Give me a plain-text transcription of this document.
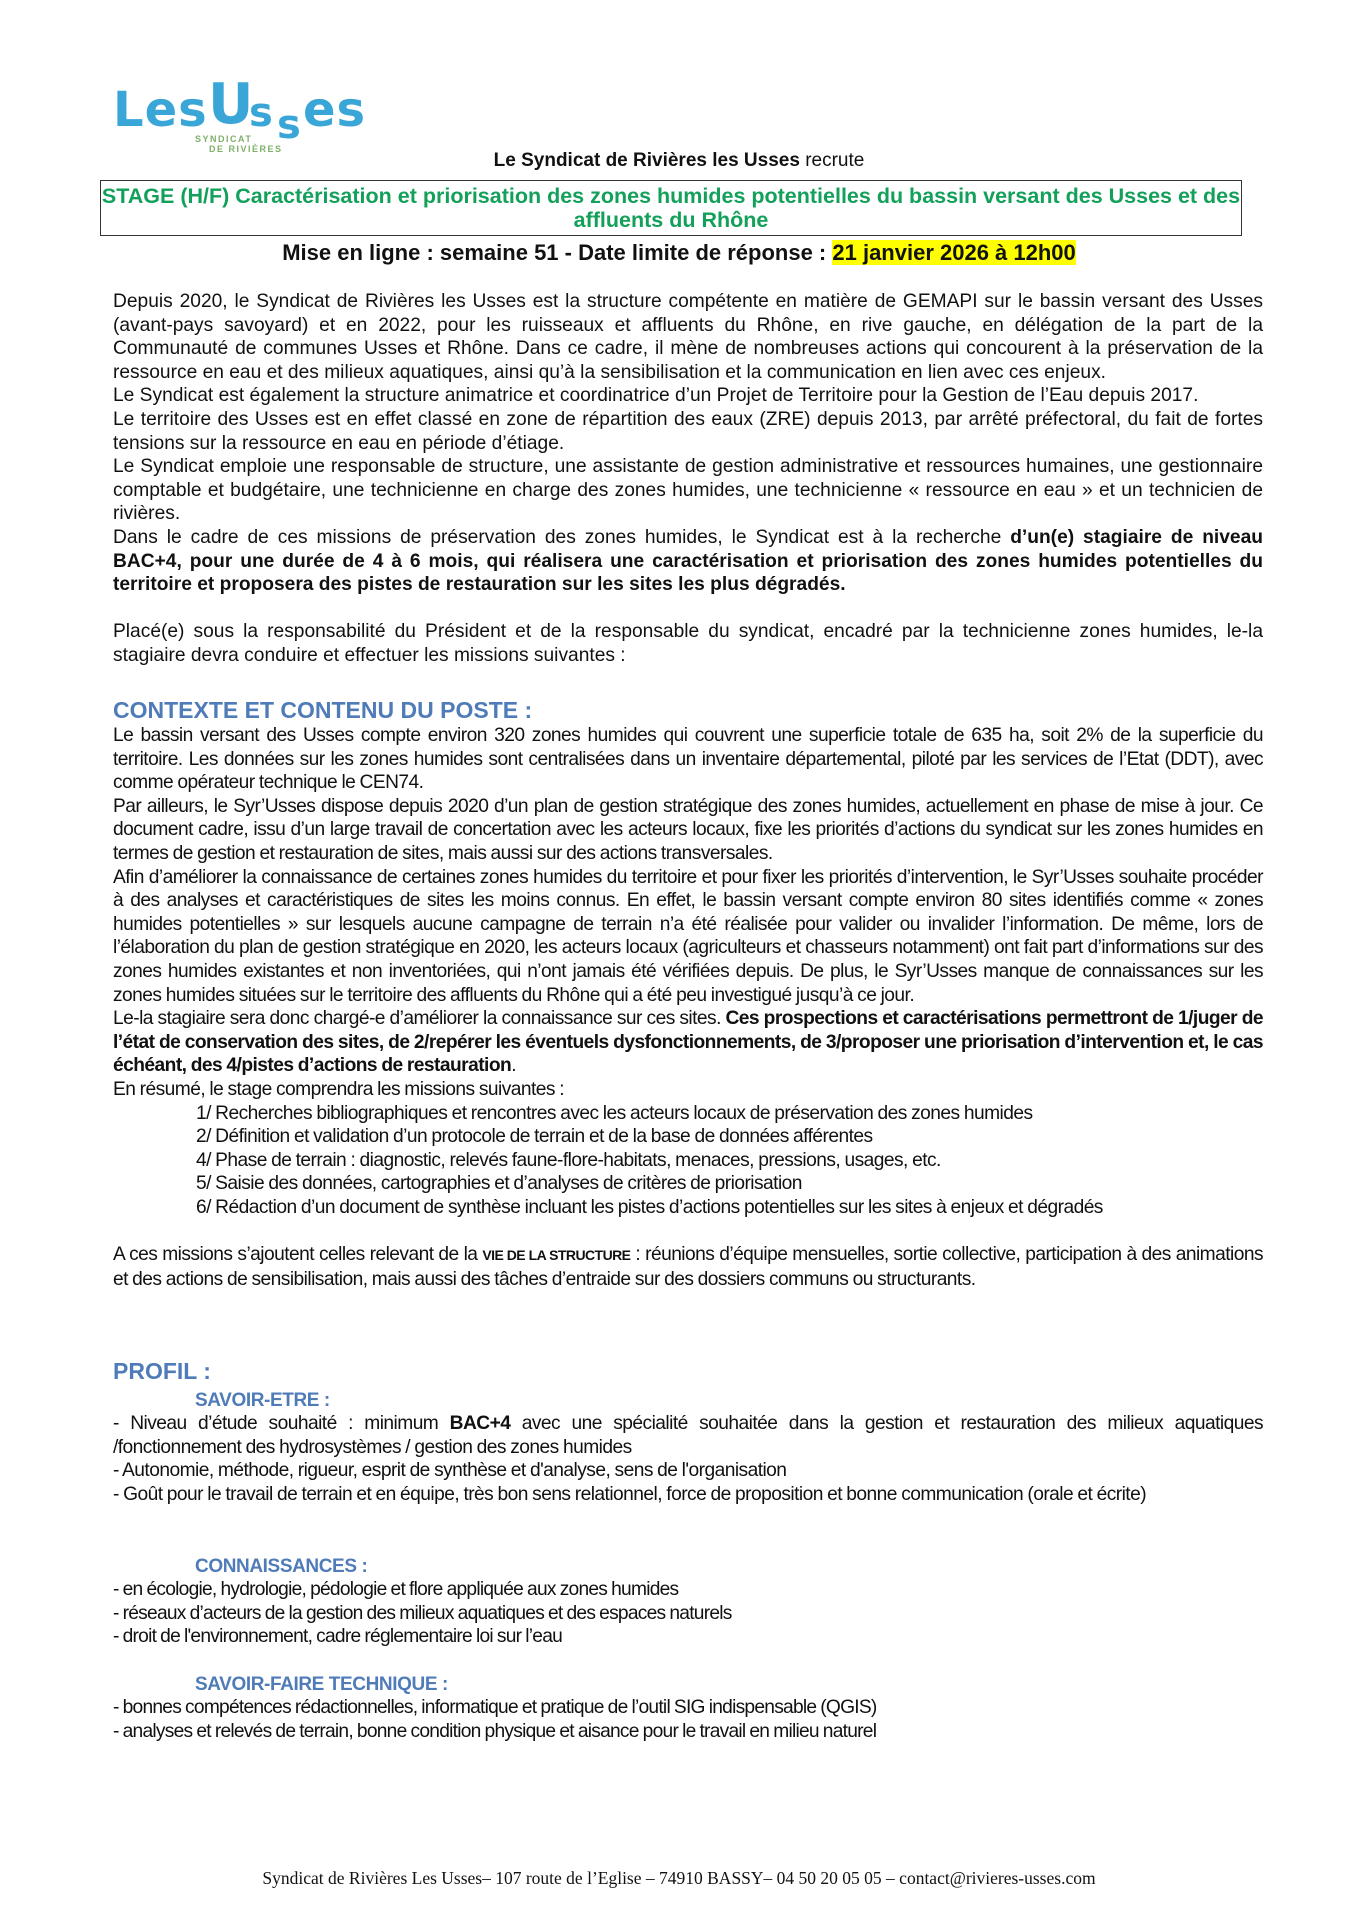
Les U
s s es
SYNDICAT
DE RIVIÈRES
Le Syndicat de Rivières les Usses recrute
STAGE (H/F) Caractérisation et priorisation des zones humides potentielles du bassin versant des Usses et des affluents du Rhône
Mise en ligne : semaine 51 - Date limite de réponse : 21 janvier 2026 à 12h00

Depuis 2020, le Syndicat de Rivières les Usses est la structure compétente en matière de GEMAPI sur le bassin versant des Usses (avant-pays savoyard) et en 2022, pour les ruisseaux et affluents du Rhône, en rive gauche, en délégation de la part de la Communauté de communes Usses et Rhône. Dans ce cadre, il mène de nombreuses actions qui concourent à la préservation de la ressource en eau et des milieux aquatiques, ainsi qu’à la sensibilisation et la communication en lien avec ces enjeux.

Le Syndicat est également la structure animatrice et coordinatrice d’un Projet de Territoire pour la Gestion de l’Eau depuis 2017.

Le territoire des Usses est en effet classé en zone de répartition des eaux (ZRE) depuis 2013, par arrêté préfectoral, du fait de fortes tensions sur la ressource en eau en période d’étiage.

Le Syndicat emploie une responsable de structure, une assistante de gestion administrative et ressources humaines, une gestionnaire comptable et budgétaire, une technicienne en charge des zones humides, une technicienne « ressource en eau » et un technicien de rivières.

Dans le cadre de ces missions de préservation des zones humides, le Syndicat est à la recherche d’un(e) stagiaire de niveau BAC+4, pour une durée de 4 à 6 mois, qui réalisera une caractérisation et priorisation des zones humides potentielles du territoire et proposera des pistes de restauration sur les sites les plus dégradés.

Placé(e) sous la responsabilité du Président et de la responsable du syndicat, encadré par la technicienne zones humides, le-la stagiaire devra conduire et effectuer les missions suivantes :

CONTEXTE ET CONTENU DU POSTE :

Le bassin versant des Usses compte environ 320 zones humides qui couvrent une superficie totale de 635 ha, soit 2% de la superficie du territoire. Les données sur les zones humides sont centralisées dans un inventaire départemental, piloté par les services de l’Etat (DDT), avec comme opérateur technique le CEN74.

Par ailleurs, le Syr’Usses dispose depuis 2020 d’un plan de gestion stratégique des zones humides, actuellement en phase de mise à jour. Ce document cadre, issu d’un large travail de concertation avec les acteurs locaux, fixe les priorités d’actions du syndicat sur les zones humides en termes de gestion et restauration de sites, mais aussi sur des actions transversales.

Afin d’améliorer la connaissance de certaines zones humides du territoire et pour fixer les priorités d’intervention, le Syr’Usses souhaite procéder à des analyses et caractéristiques de sites les moins connus. En effet, le bassin versant compte environ 80 sites identifiés comme « zones humides potentielles » sur lesquels aucune campagne de terrain n’a été réalisée pour valider ou invalider l’information. De même, lors de l’élaboration du plan de gestion stratégique en 2020, les acteurs locaux (agriculteurs et chasseurs notamment) ont fait part d’informations sur des zones humides existantes et non inventoriées, qui n’ont jamais été vérifiées depuis. De plus, le Syr’Usses manque de connaissances sur les zones humides situées sur le territoire des affluents du Rhône qui a été peu investigué jusqu’à ce jour.

Le-la stagiaire sera donc chargé-e d’améliorer la connaissance sur ces sites. Ces prospections et caractérisations permettront de 1/juger de l’état de conservation des sites, de 2/repérer les éventuels dysfonctionnements, de 3/proposer une priorisation d’intervention et, le cas échéant, des 4/pistes d’actions de restauration.

En résumé, le stage comprendra les missions suivantes :

1/ Recherches bibliographiques et rencontres avec les acteurs locaux de préservation des zones humides

2/ Définition et validation d’un protocole de terrain et de la base de données afférentes

4/ Phase de terrain : diagnostic, relevés faune-flore-habitats, menaces, pressions, usages, etc.

5/ Saisie des données, cartographies et d’analyses de critères de priorisation

6/ Rédaction d’un document de synthèse incluant les pistes d’actions potentielles sur les sites à enjeux et dégradés

A ces missions s’ajoutent celles relevant de la VIE DE LA STRUCTURE : réunions d’équipe mensuelles, sortie collective, participation à des animations et des actions de sensibilisation, mais aussi des tâches d’entraide sur des dossiers communs ou structurants.

PROFIL :
SAVOIR-ETRE :

- Niveau d’étude souhaité : minimum BAC+4 avec une spécialité souhaitée dans la gestion et restauration des milieux aquatiques /fonctionnement des hydrosystèmes / gestion des zones humides

- Autonomie, méthode, rigueur, esprit de synthèse et d'analyse, sens de l'organisation

- Goût pour le travail de terrain et en équipe, très bon sens relationnel, force de proposition et bonne communication (orale et écrite)

CONNAISSANCES :

- en écologie, hydrologie, pédologie et flore appliquée aux zones humides

- réseaux d’acteurs de la gestion des milieux aquatiques et des espaces naturels

- droit de l'environnement, cadre réglementaire loi sur l’eau

SAVOIR-FAIRE TECHNIQUE :

- bonnes compétences rédactionnelles, informatique et pratique de l’outil SIG indispensable (QGIS)

- analyses et relevés de terrain, bonne condition physique et aisance pour le travail en milieu naturel

Syndicat de Rivières Les Usses– 107 route de l’Eglise – 74910 BASSY– 04 50 20 05 05 – contact@rivieres-usses.com
